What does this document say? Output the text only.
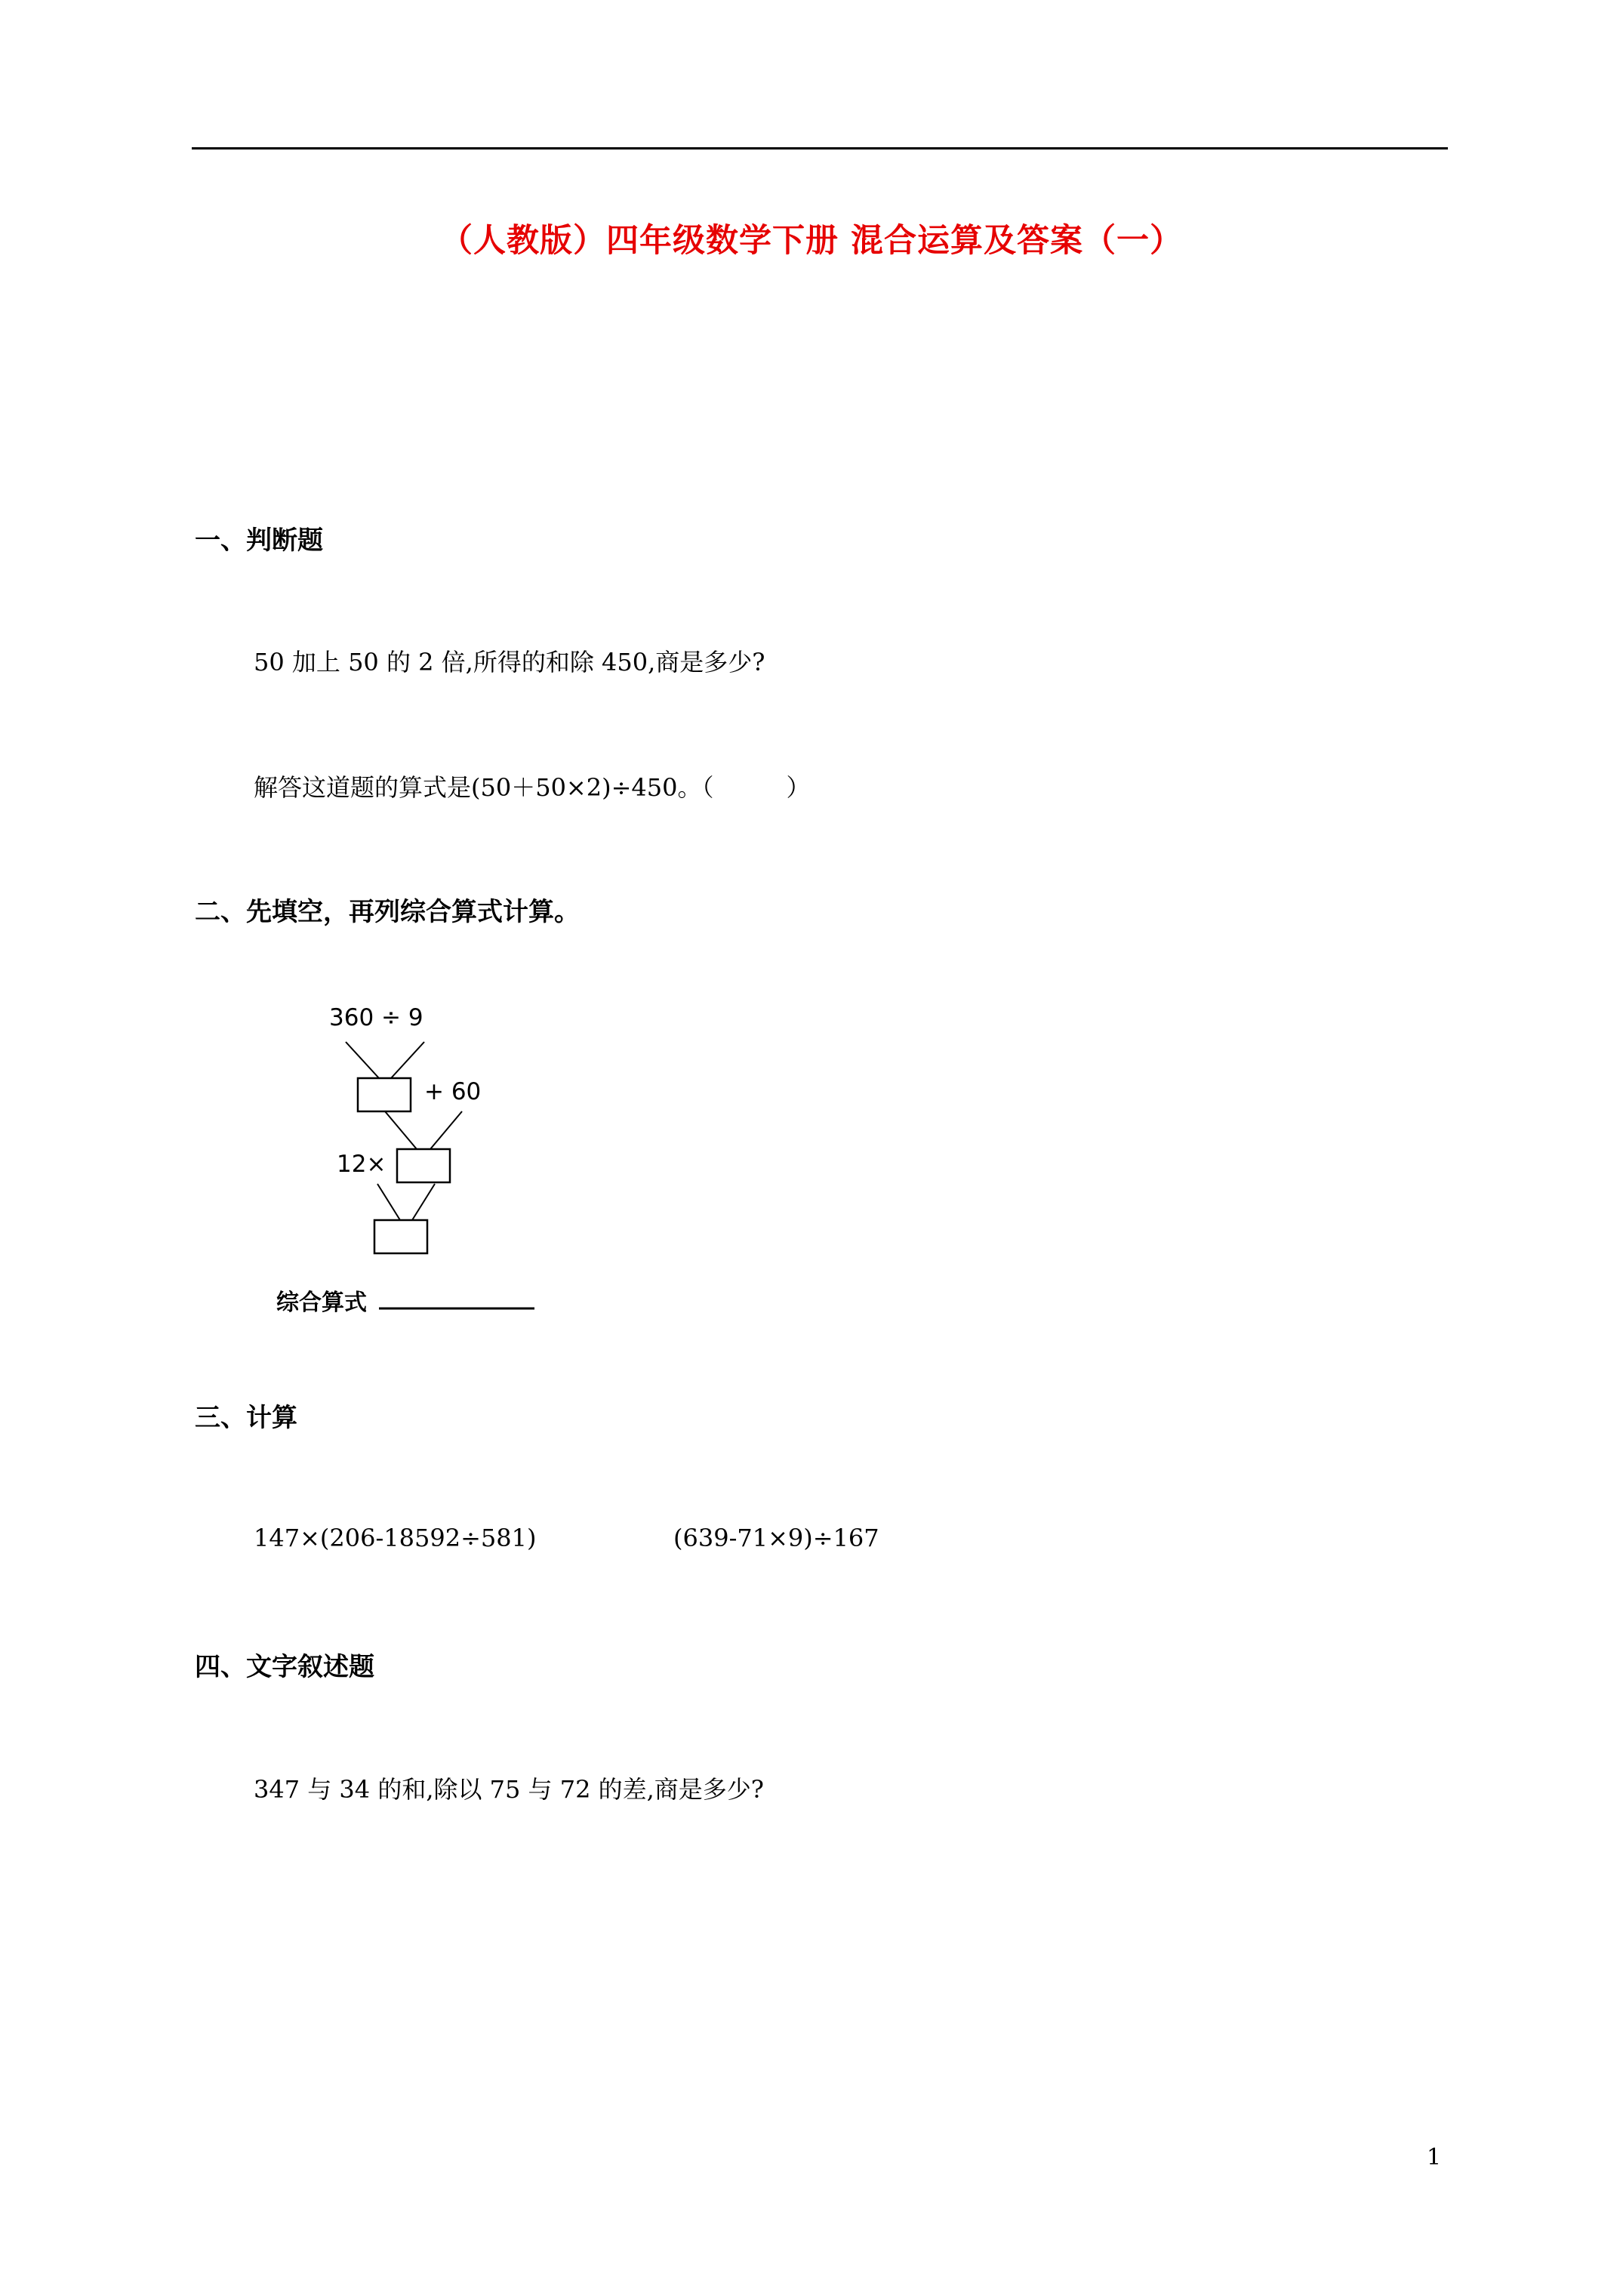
（人教版）四年级数学下册 混合运算及答案（一）
一、判断题
50 加上 50 的 2 倍,所得的和除 450,商是多少?
解答这道题的算式是(50＋50×2)÷450。（　　　）
二、先填空，再列综合算式计算。
360 ÷ 9
+ 60
12×
综合算式
三、计算
147×(206-18592÷581)	(639-71×9)÷167
四、文字叙述题
347 与 34 的和,除以 75 与 72 的差,商是多少?
1
